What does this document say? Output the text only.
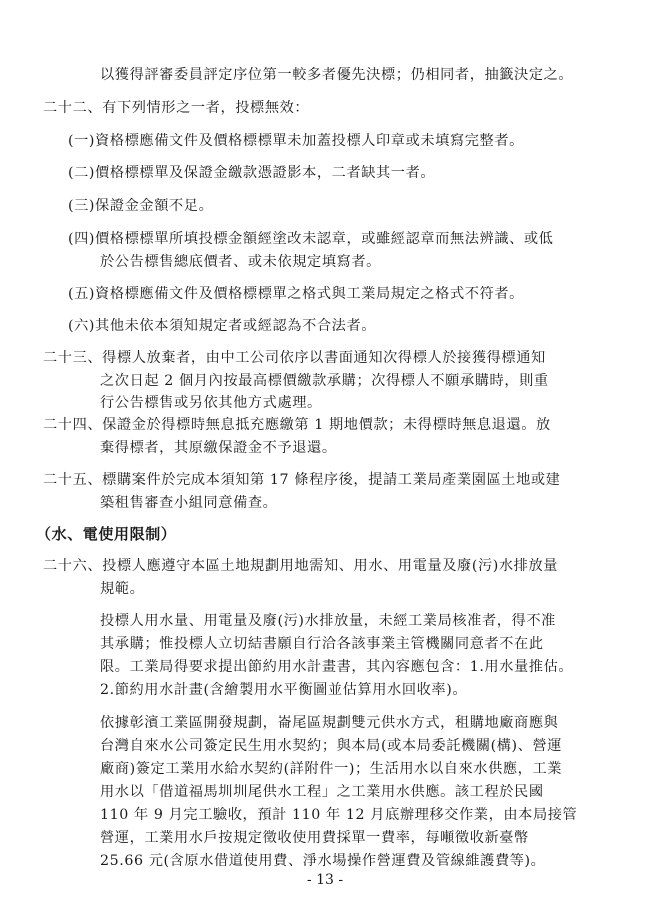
以獲得評審委員評定序位第一較多者優先決標；仍相同者，抽籤決定之。
二十二、有下列情形之一者，投標無效：
(一)資格標應備文件及價格標標單未加蓋投標人印章或未填寫完整者。
(二)價格標標單及保證金繳款憑證影本，二者缺其一者。
(三)保證金金額不足。
(四)價格標標單所填投標金額經塗改未認章，或雖經認章而無法辨識、或低
於公告標售總底價者、或未依規定填寫者。
(五)資格標應備文件及價格標標單之格式與工業局規定之格式不符者。
(六)其他未依本須知規定者或經認為不合法者。
二十三、得標人放棄者，由中工公司依序以書面通知次得標人於接獲得標通知
之次日起 2 個月內按最高標價繳款承購；次得標人不願承購時，則重
行公告標售或另依其他方式處理。
二十四、保證金於得標時無息抵充應繳第 1 期地價款；未得標時無息退還。放
棄得標者，其原繳保證金不予退還。
二十五、標購案件於完成本須知第 17 條程序後，提請工業局產業園區土地或建
築租售審查小組同意備查。
（水、電使用限制）
二十六、投標人應遵守本區土地規劃用地需知、用水、用電量及廢(污)水排放量
規範。
投標人用水量、用電量及廢(污)水排放量，未經工業局核准者，得不准
其承購；惟投標人立切結書願自行洽各該事業主管機關同意者不在此
限。工業局得要求提出節約用水計畫書，其內容應包含：1.用水量推估。
2.節約用水計畫(含繪製用水平衡圖並估算用水回收率)。
依據彰濱工業區開發規劃，崙尾區規劃雙元供水方式，租購地廠商應與
台灣自來水公司簽定民生用水契約；與本局(或本局委託機關(構)、營運
廠商)簽定工業用水給水契約(詳附件一)；生活用水以自來水供應，工業
用水以「借道福馬圳圳尾供水工程」之工業用水供應。該工程於民國
110 年 9 月完工驗收，預計 110 年 12 月底辦理移交作業，由本局接管
營運，工業用水戶按規定徵收使用費採單一費率，每噸徵收新臺幣
25.66 元(含原水借道使用費、淨水場操作營運費及管線維護費等)。
- 13 -
